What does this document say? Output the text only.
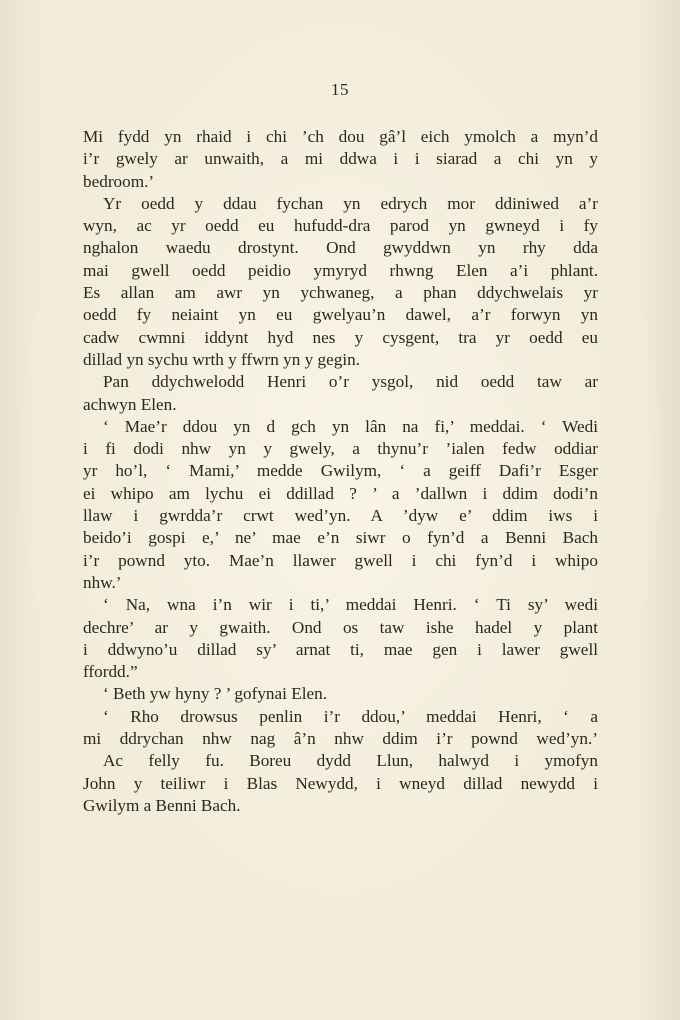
15
Mi fydd yn rhaid i chi ’ch dou gâ’l eich ymolch a myn’d
i’r gwely ar unwaith, a mi ddwa i i siarad a chi yn y
bedroom.’
Yr oedd y ddau fychan yn edrych mor ddiniwed a’r
wyn, ac yr oedd eu hufudd-dra parod yn gwneyd i fy
nghalon waedu drostynt. Ond gwyddwn yn rhy dda
mai gwell oedd peidio ymyryd rhwng Elen a’i phlant.
Es allan am awr yn ychwaneg, a phan ddychwelais yr
oedd fy neiaint yn eu gwelyau’n dawel, a’r forwyn yn
cadw cwmni iddynt hyd nes y cysgent, tra yr oedd eu
dillad yn sychu wrth y ffwrn yn y gegin.
Pan ddychwelodd Henri o’r ysgol, nid oedd taw ar
achwyn Elen.
‘ Mae’r ddou yn d gch yn lân na fi,’ meddai. ‘ Wedi
i fi dodi nhw yn y gwely, a thynu’r ’ialen fedw oddiar
yr ho’l, ‘ Mami,’ medde Gwilym, ‘ a geiff Dafi’r Esger
ei whipo am lychu ei ddillad ? ’ a ’dallwn i ddim dodi’n
llaw i gwrdda’r crwt wed’yn. A ’dyw e’ ddim iws i
beido’i gospi e,’ ne’ mae e’n siwr o fyn’d a Benni Bach
i’r pownd yto. Mae’n llawer gwell i chi fyn’d i whipo
nhw.’
‘ Na, wna i’n wir i ti,’ meddai Henri. ‘ Ti sy’ wedi
dechre’ ar y gwaith. Ond os taw ishe hadel y plant
i ddwyno’u dillad sy’ arnat ti, mae gen i lawer gwell
ffordd.”
‘ Beth yw hyny ? ’ gofynai Elen.
‘ Rho drowsus penlin i’r ddou,’ meddai Henri, ‘ a
mi ddrychan nhw nag â’n nhw ddim i’r pownd wed’yn.’
Ac felly fu. Boreu dydd Llun, halwyd i ymofyn
John y teiliwr i Blas Newydd, i wneyd dillad newydd i
Gwilym a Benni Bach.
